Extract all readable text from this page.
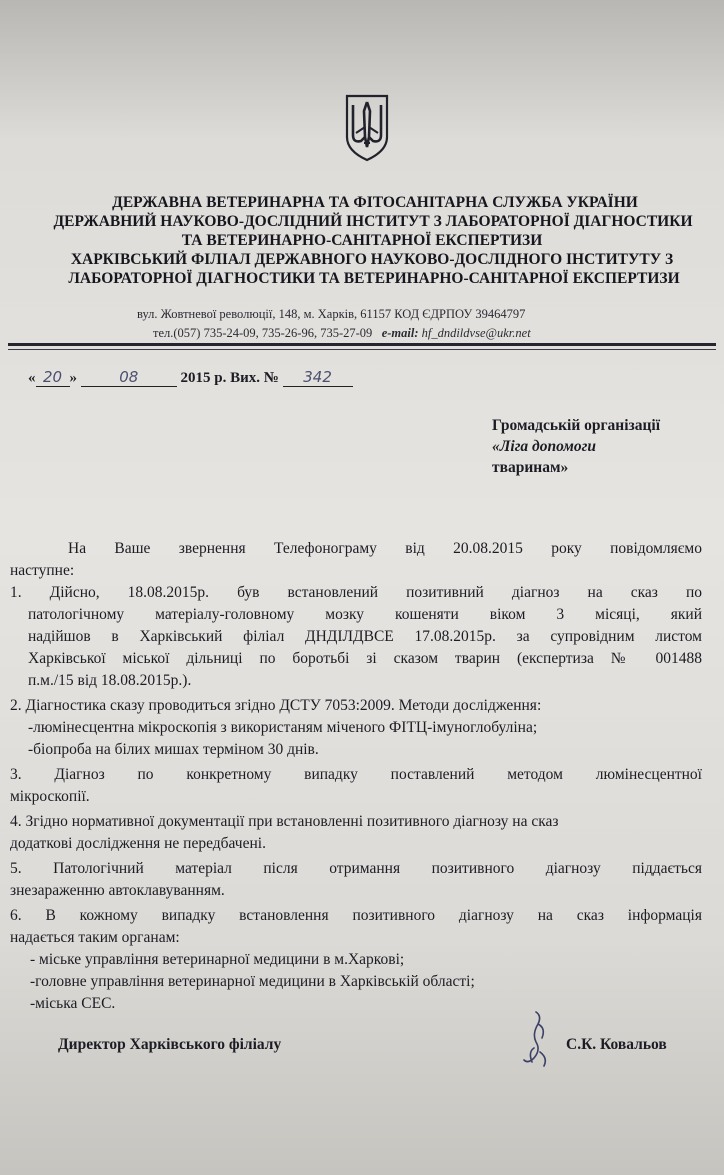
ДЕРЖАВНА ВЕТЕРИНАРНА ТА ФІТОСАНІТАРНА СЛУЖБА УКРАЇНИ
ДЕРЖАВНИЙ НАУКОВО-ДОСЛІДНИЙ ІНСТИТУТ З ЛАБОРАТОРНОЇ ДІАГНОСТИКИ
ТА ВЕТЕРИНАРНО-САНІТАРНОЇ ЕКСПЕРТИЗИ
ХАРКІВСЬКИЙ ФІЛІАЛ ДЕРЖАВНОГО НАУКОВО-ДОСЛІДНОГО ІНСТИТУТУ З
ЛАБОРАТОРНОЇ ДІАГНОСТИКИ ТА ВЕТЕРИНАРНО-САНІТАРНОЇ ЕКСПЕРТИЗИ
вул. Жовтневої революції, 148, м. Харків, 61157 КОД ЄДРПОУ 39464797
тел.(057) 735-24-09, 735-26-96, 735-27-09 e-mail: hf_dndildvse@ukr.net
« 20 »	08	2015 р. Вих. № 342
Громадській організації
«Ліга допомоги
тваринам»
На Ваше звернення Телефонограму від 20.08.2015 року повідомляємо
наступне:
1. Дійсно, 18.08.2015р. був встановлений позитивний діагноз на сказ по
патологічному матеріалу-головному мозку кошеняти віком 3 місяці, який
надійшов в Харківський філіал ДНДІЛДВСЕ 17.08.2015р. за супровідним листом
Харківської міської дільниці по боротьбі зі сказом тварин (експертиза № 001488
п.м./15 від 18.08.2015р.).
2. Діагностика сказу проводиться згідно ДСТУ 7053:2009. Методи дослідження:
-люмінесцентна мікроскопія з використаням міченого ФІТЦ-імуноглобуліна;
-біопроба на білих мишах терміном 30 днів.
3. Діагноз по конкретному випадку поставлений методом люмінесцентної
мікроскопії.
4. Згідно нормативної документації при встановленні позитивного діагнозу на сказ
додаткові дослідження не передбачені.
5. Патологічний матеріал після отримання позитивного діагнозу піддається
знезараженню автоклавуванням.
6. В кожному випадку встановлення позитивного діагнозу на сказ інформація
надається таким органам:
- міське управління ветеринарної медицини в м.Харкові;
-головне управління ветеринарної медицини в Харківській області;
-міська СЕС.
Директор Харківського філіалу	С.К. Ковальов
